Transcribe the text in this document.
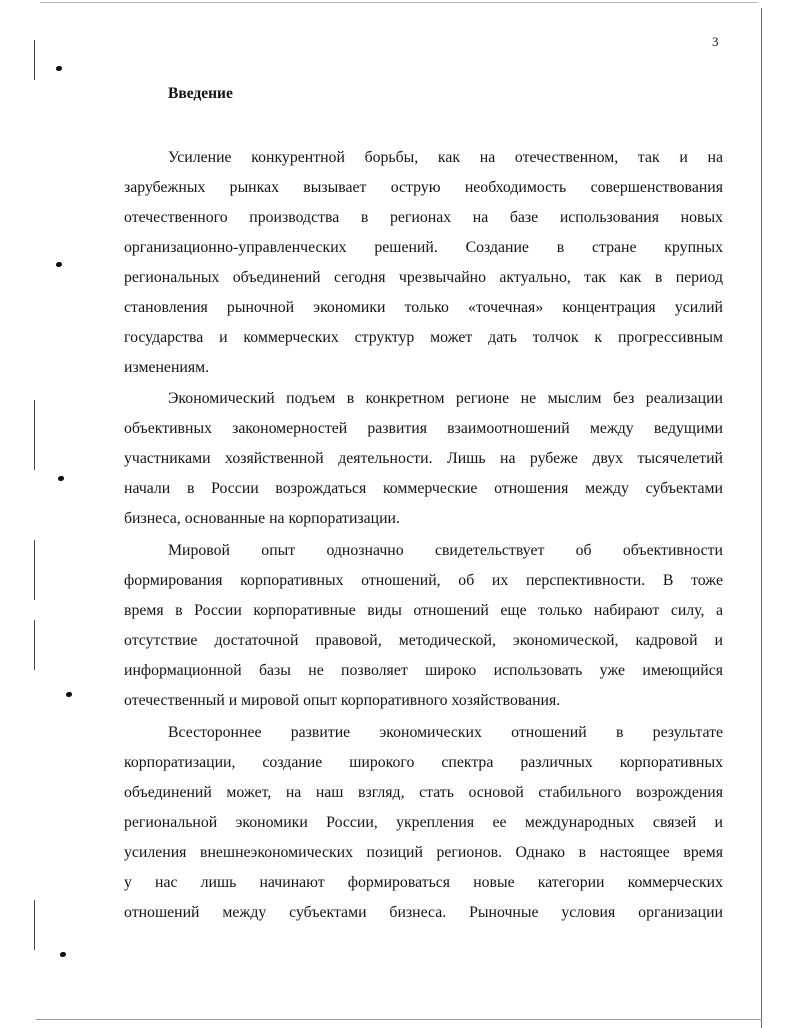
3
Введение
Усиление конкурентной борьбы, как на отечественном, так и на
зарубежных рынках вызывает острую необходимость совершенствования
отечественного производства в регионах на базе использования новых
организационно-управленческих решений. Создание в стране крупных
региональных объединений сегодня чрезвычайно актуально, так как в период
становления рыночной экономики только «точечная» концентрация усилий
государства и коммерческих структур может дать толчок к прогрессивным
изменениям.
Экономический подъем в конкретном регионе не мыслим без реализации
объективных закономерностей развития взаимоотношений между ведущими
участниками хозяйственной деятельности. Лишь на рубеже двух тысячелетий
начали в России возрождаться коммерческие отношения между субъектами
бизнеса, основанные на корпоратизации.
Мировой опыт однозначно свидетельствует об объективности
формирования корпоративных отношений, об их перспективности. В тоже
время в России корпоративные виды отношений еще только набирают силу, а
отсутствие достаточной правовой, методической, экономической, кадровой и
информационной базы не позволяет широко использовать уже имеющийся
отечественный и мировой опыт корпоративного хозяйствования.
Всестороннее развитие экономических отношений в результате
корпоратизации, создание широкого спектра различных корпоративных
объединений может, на наш взгляд, стать основой стабильного возрождения
региональной экономики России, укрепления ее международных связей и
усиления внешнеэкономических позиций регионов. Однако в настоящее время
у нас лишь начинают формироваться новые категории коммерческих
отношений между субъектами бизнеса. Рыночные условия организации
